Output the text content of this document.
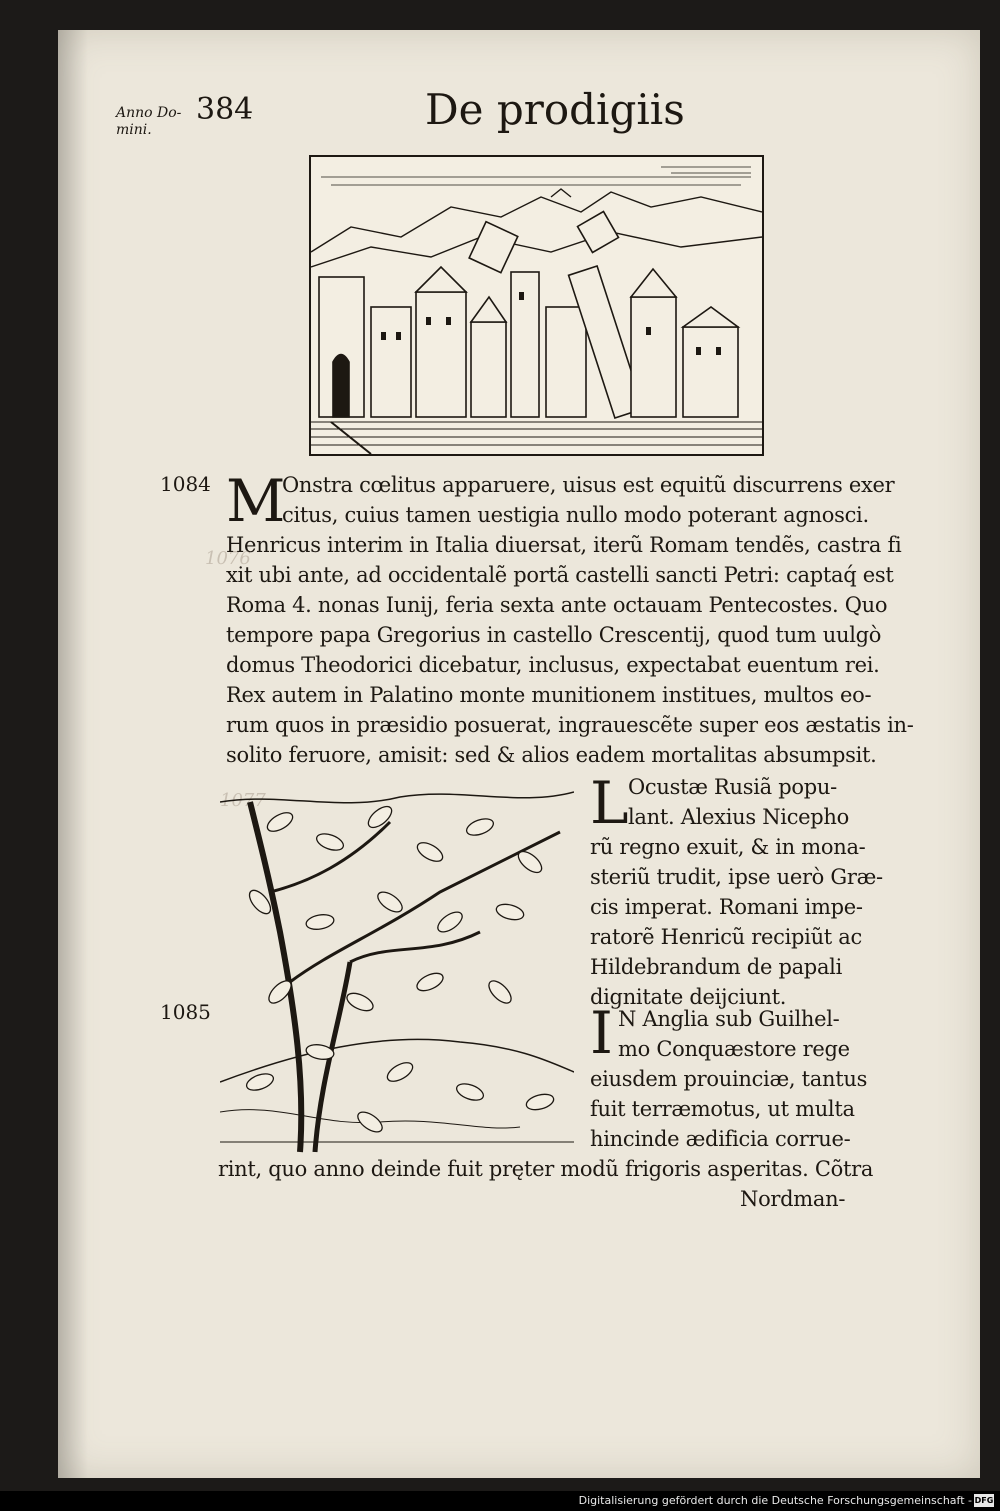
1076
1077
Anno Do-
mini.
384	De prodigiis
1084
1085
M
Onstra cœlitus apparuere, uisus est equitũ discurrens exer
citus, cuius tamen uestigia nullo modo poterant agnosci.
Henricus interim in Italia diuersat, iterũ Romam tendẽs, castra fi
xit ubi ante, ad occidentalẽ portã castelli sancti Petri: captaq́ est
Roma 4. nonas Iunij, feria sexta ante octauam Pentecostes. Quo
tempore papa Gregorius in castello Crescentij, quod tum uulgò
domus Theodorici dicebatur, inclusus, expectabat euentum rei.
Rex autem in Palatino monte munitionem institues, multos eo-
rum quos in præsidio posuerat, ingrauescẽte super eos æstatis in-
solito feruore, amisit: sed & alios eadem mortalitas absumpsit.
L Ocustæ Rusiã popu-
lant. Alexius Nicepho
rũ regno exuit, & in mona-
steriũ trudit, ipse uerò Græ-
cis imperat. Romani impe-
ratorẽ Henricũ recipiũt ac
Hildebrandum de papali
dignitate deijciunt.
I N Anglia sub Guilhel-
mo Conquæstore rege
eiusdem prouinciæ, tantus
fuit terræmotus, ut multa
hincinde ædificia corrue-
rint, quo anno deinde fuit pręter modũ frigoris asperitas. Cõtra
Nordman-
Digitalisierung gefördert durch die Deutsche Forschungsgemeinschaft - DFG
